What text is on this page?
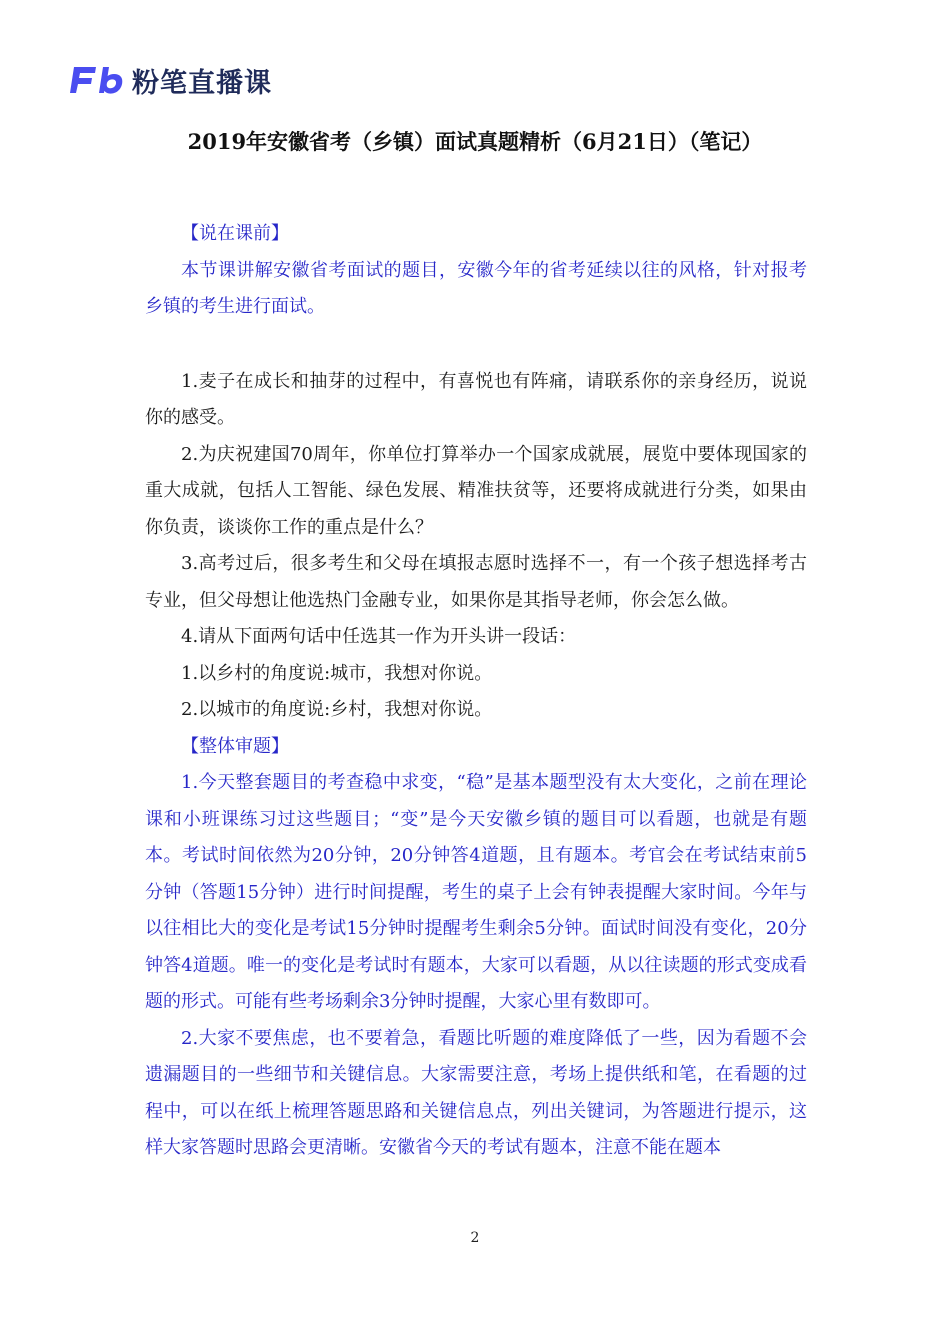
粉笔直播课
2019年安徽省考（乡镇）面试真题精析（6月21日）（笔记）

【说在课前】

本节课讲解安徽省考面试的题目，安徽今年的省考延续以往的风格，针对报考乡镇的考生进行面试。

1.麦子在成长和抽芽的过程中，有喜悦也有阵痛，请联系你的亲身经历，说说你的感受。

2.为庆祝建国70周年，你单位打算举办一个国家成就展，展览中要体现国家的重大成就，包括人工智能、绿色发展、精准扶贫等，还要将成就进行分类，如果由你负责，谈谈你工作的重点是什么？

3.高考过后，很多考生和父母在填报志愿时选择不一，有一个孩子想选择考古专业，但父母想让他选热门金融专业，如果你是其指导老师，你会怎么做。

4.请从下面两句话中任选其一作为开头讲一段话：

1.以乡村的角度说:城市，我想对你说。

2.以城市的角度说:乡村，我想对你说。

【整体审题】

1.今天整套题目的考查稳中求变，“稳”是基本题型没有太大变化，之前在理论课和小班课练习过这些题目；“变”是今天安徽乡镇的题目可以看题，也就是有题本。考试时间依然为20分钟，20分钟答4道题，且有题本。考官会在考试结束前5分钟（答题15分钟）进行时间提醒，考生的桌子上会有钟表提醒大家时间。今年与以往相比大的变化是考试15分钟时提醒考生剩余5分钟。面试时间没有变化，20分钟答4道题。唯一的变化是考试时有题本，大家可以看题，从以往读题的形式变成看题的形式。可能有些考场剩余3分钟时提醒，大家心里有数即可。

2.大家不要焦虑，也不要着急，看题比听题的难度降低了一些，因为看题不会遗漏题目的一些细节和关键信息。大家需要注意，考场上提供纸和笔，在看题的过程中，可以在纸上梳理答题思路和关键信息点，列出关键词，为答题进行提示，这样大家答题时思路会更清晰。安徽省今天的考试有题本，注意不能在题本

2
